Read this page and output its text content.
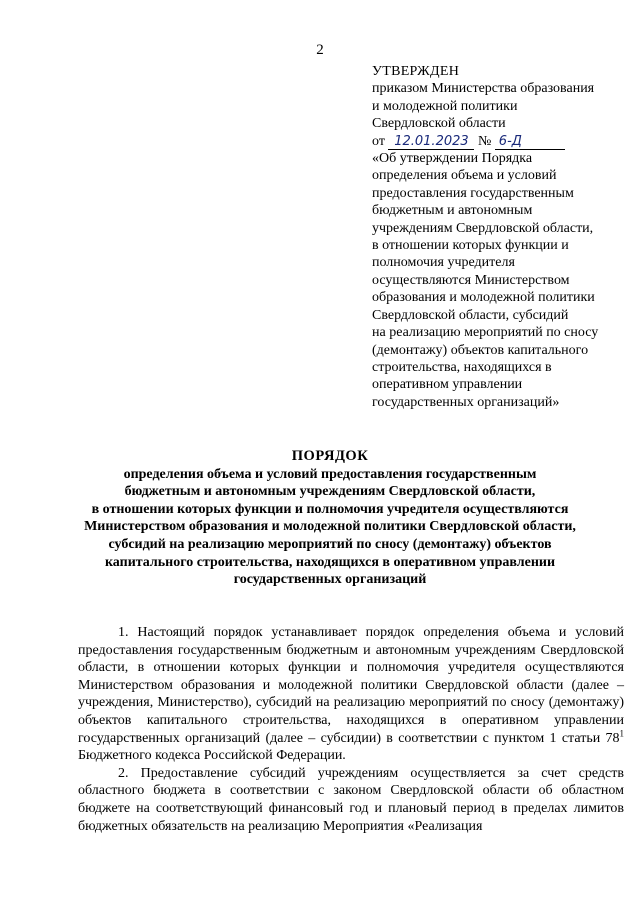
2
УТВЕРЖДЕН
приказом Министерства образования
и молодежной политики
Свердловской области
от 12.01.2023 № 6-Д
«Об утверждении Порядка
определения объема и условий
предоставления государственным
бюджетным и автономным
учреждениям Свердловской области,
в отношении которых функции и
полномочия учредителя
осуществляются Министерством
образования и молодежной политики
Свердловской области, субсидий
на реализацию мероприятий по сносу
(демонтажу) объектов капитального
строительства, находящихся в
оперативном управлении
государственных организаций»
ПОРЯДОК
определения объема и условий предоставления государственным
бюджетным и автономным учреждениям Свердловской области,
в отношении которых функции и полномочия учредителя осуществляются
Министерством образования и молодежной политики Свердловской области,
субсидий на реализацию мероприятий по сносу (демонтажу) объектов
капитального строительства, находящихся в оперативном управлении
государственных организаций

1. Настоящий порядок устанавливает порядок определения объема и условий предоставления государственным бюджетным и автономным учреждениям Свердловской области, в отношении которых функции и полномочия учредителя осуществляются Министерством образования и молодежной политики Свердловской области (далее – учреждения, Министерство), субсидий на реализацию мероприятий по сносу (демонтажу) объектов капитального строительства, находящихся в оперативном управлении государственных организаций (далее – субсидии) в соответствии с пунктом 1 статьи $78^1$ Бюджетного кодекса Российской Федерации.

2. Предоставление субсидий учреждениям осуществляется за счет средств областного бюджета в соответствии с законом Свердловской области об областном бюджете на соответствующий финансовый год и плановый период в пределах лимитов бюджетных обязательств на реализацию Мероприятия «Реализация
